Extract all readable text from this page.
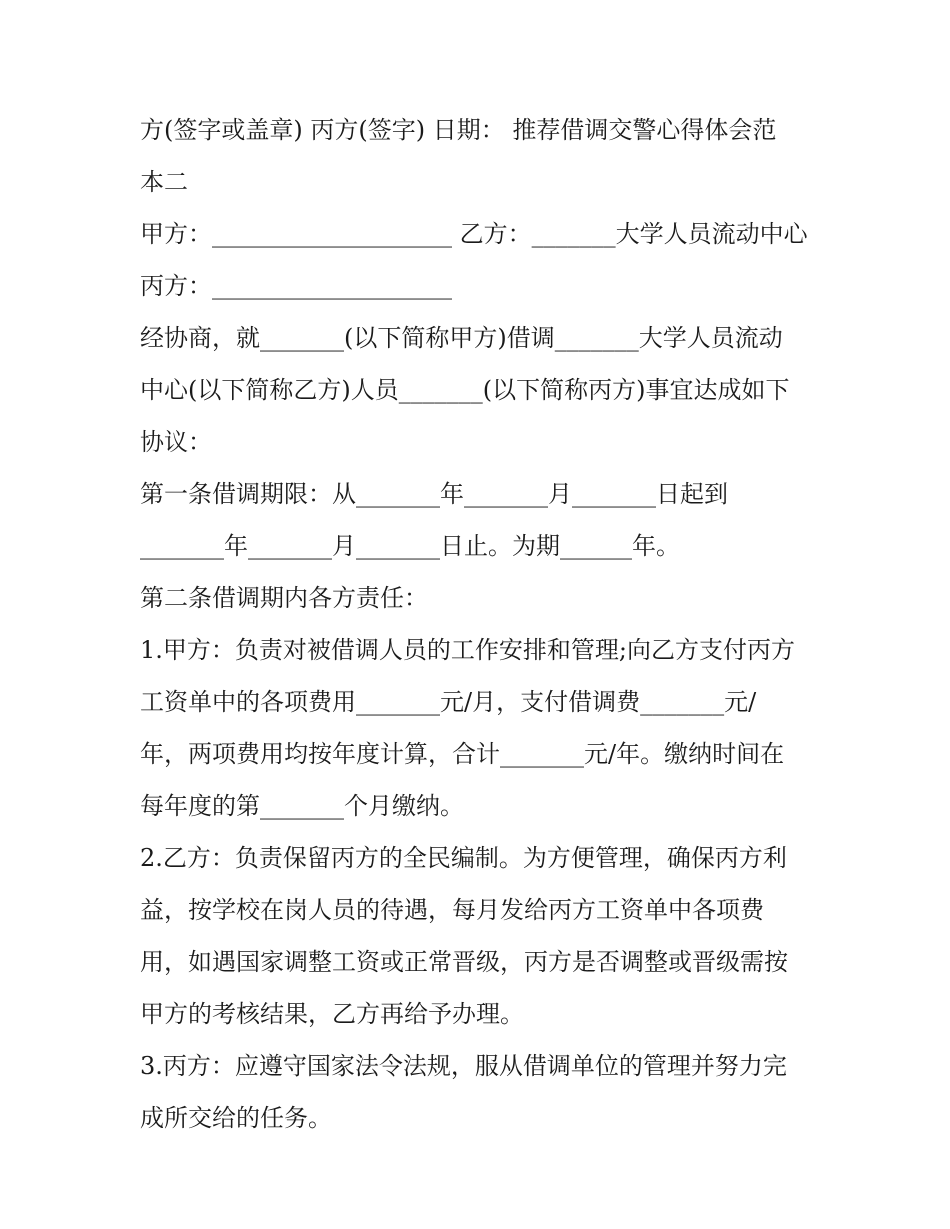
方(签字或盖章) 丙方(签字) 日期： 推荐借调交警心得体会范

本二

甲方：____________________ 乙方：_______大学人员流动中心

丙方：____________________

经协商，就_______(以下简称甲方)借调_______大学人员流动

中心(以下简称乙方)人员_______(以下简称丙方)事宜达成如下

协议：

第一条借调期限：从_______年_______月_______日起到

_______年_______月_______日止。为期______年。

第二条借调期内各方责任：

1.甲方：负责对被借调人员的工作安排和管理;向乙方支付丙方

工资单中的各项费用_______元/月，支付借调费_______元/

年，两项费用均按年度计算，合计_______元/年。缴纳时间在

每年度的第_______个月缴纳。

2.乙方：负责保留丙方的全民编制。为方便管理，确保丙方利

益，按学校在岗人员的待遇，每月发给丙方工资单中各项费

用，如遇国家调整工资或正常晋级，丙方是否调整或晋级需按

甲方的考核结果，乙方再给予办理。

3.丙方：应遵守国家法令法规，服从借调单位的管理并努力完

成所交给的任务。
